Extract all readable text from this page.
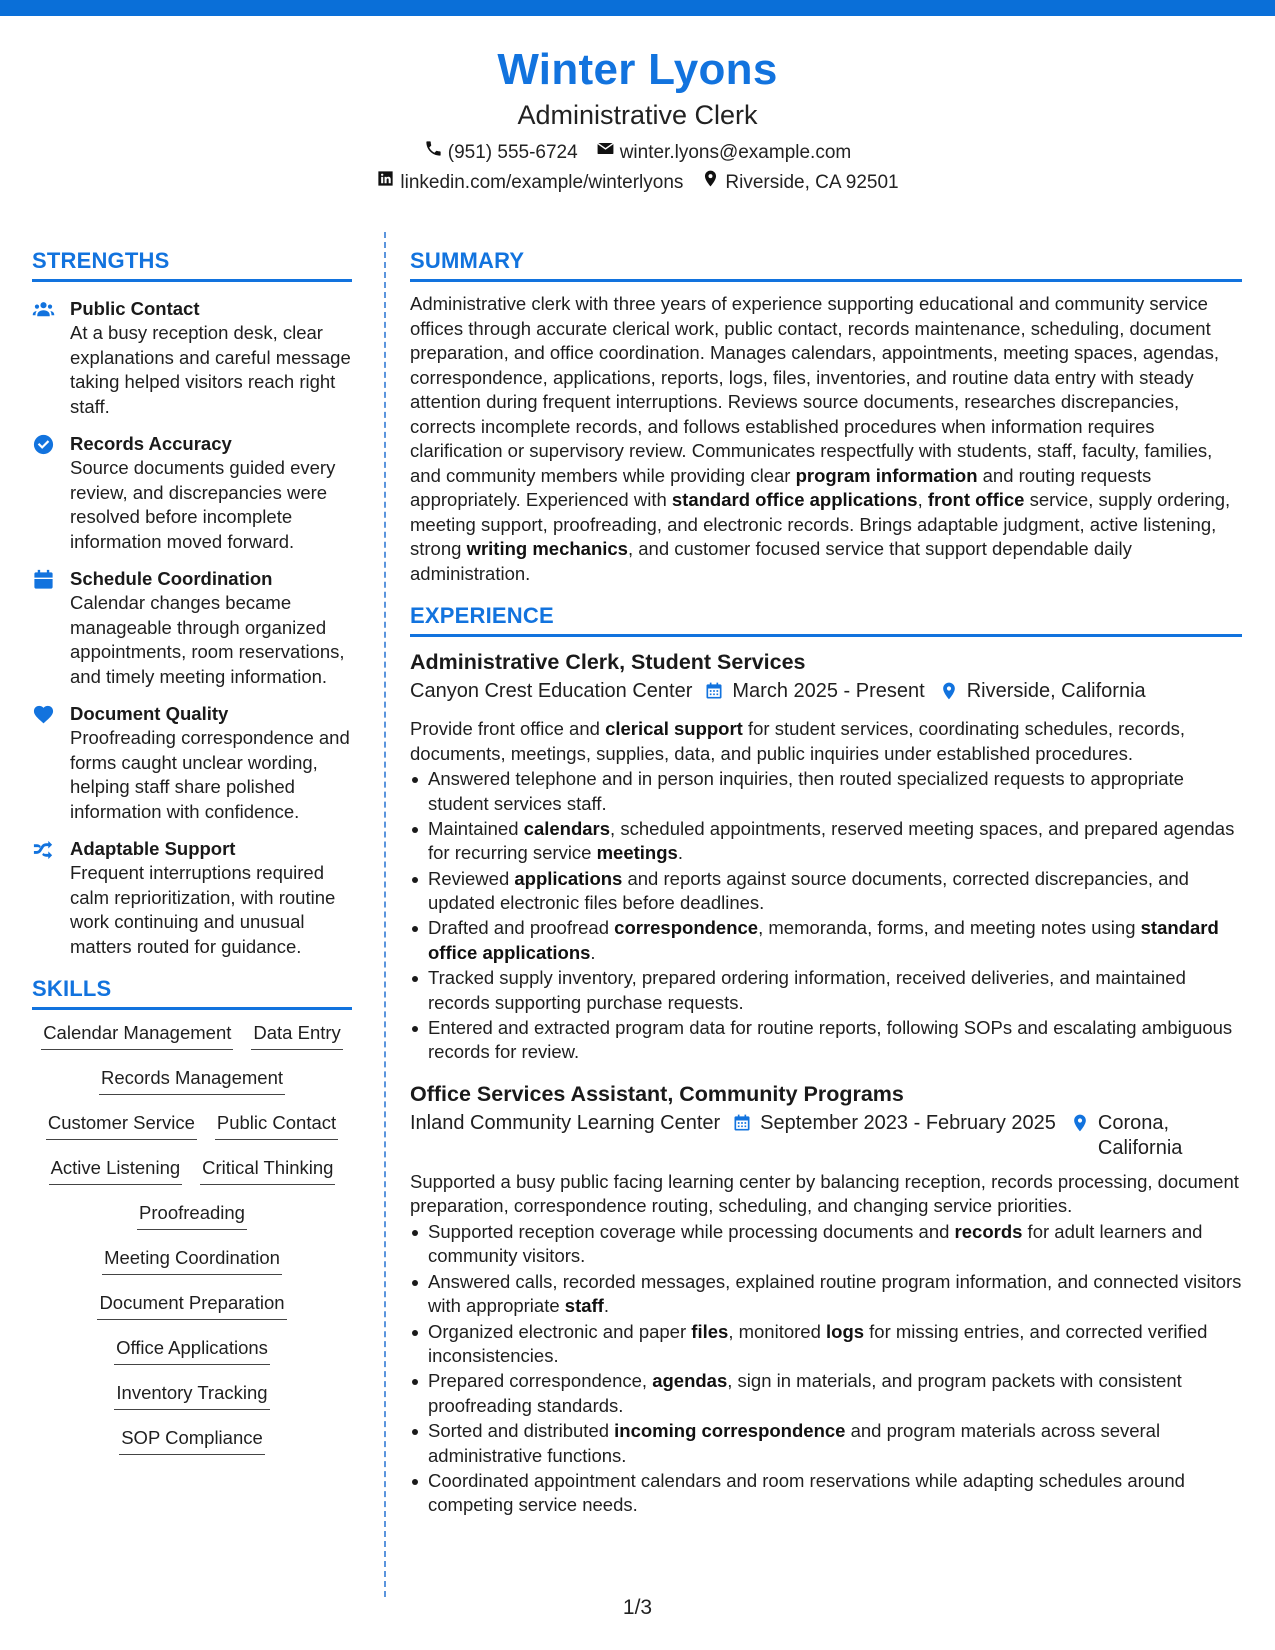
Winter Lyons
Administrative Clerk
(951) 555-6724 winter.lyons@example.com
linkedin.com/example/winterlyons Riverside, CA 92501
STRENGTHS
Public Contact
At a busy reception desk, clear explanations and careful message taking helped visitors reach right staff.
Records Accuracy
Source documents guided every review, and discrepancies were resolved before incomplete information moved forward.
Schedule Coordination
Calendar changes became manageable through organized appointments, room reservations, and timely meeting information.
Document Quality
Proofreading correspondence and forms caught unclear wording, helping staff share polished information with confidence.
Adaptable Support
Frequent interruptions required calm reprioritization, with routine work continuing and unusual matters routed for guidance.
SKILLS
Calendar Management Data Entry
Records Management
Customer Service Public Contact
Active Listening Critical Thinking
Proofreading
Meeting Coordination
Document Preparation
Office Applications
Inventory Tracking
SOP Compliance
SUMMARY
Administrative clerk with three years of experience supporting educational and community service offices through accurate clerical work, public contact, records maintenance, scheduling, document preparation, and office coordination. Manages calendars, appointments, meeting spaces, agendas, correspondence, applications, reports, logs, files, inventories, and routine data entry with steady attention during frequent interruptions. Reviews source documents, researches discrepancies, corrects incomplete records, and follows established procedures when information requires clarification or supervisory review. Communicates respectfully with students, staff, faculty, families, and community members while providing clear program information and routing requests appropriately. Experienced with standard office applications, front office service, supply ordering, meeting support, proofreading, and electronic records. Brings adaptable judgment, active listening, strong writing mechanics, and customer focused service that support dependable daily administration.
EXPERIENCE
Administrative Clerk, Student Services
Canyon Crest Education Center March 2025 - Present Riverside, California
Provide front office and clerical support for student services, coordinating schedules, records, documents, meetings, supplies, data, and public inquiries under established procedures.
Answered telephone and in person inquiries, then routed specialized requests to appropriate student services staff.
Maintained calendars, scheduled appointments, reserved meeting spaces, and prepared agendas for recurring service meetings.
Reviewed applications and reports against source documents, corrected discrepancies, and updated electronic files before deadlines.
Drafted and proofread correspondence, memoranda, forms, and meeting notes using standard office applications.
Tracked supply inventory, prepared ordering information, received deliveries, and maintained records supporting purchase requests.
Entered and extracted program data for routine reports, following SOPs and escalating ambiguous records for review.
Office Services Assistant, Community Programs
Inland Community Learning Center September 2023 - February 2025 Corona, California
Supported a busy public facing learning center by balancing reception, records processing, document preparation, correspondence routing, scheduling, and changing service priorities.
Supported reception coverage while processing documents and records for adult learners and community visitors.
Answered calls, recorded messages, explained routine program information, and connected visitors with appropriate staff.
Organized electronic and paper files, monitored logs for missing entries, and corrected verified inconsistencies.
Prepared correspondence, agendas, sign in materials, and program packets with consistent proofreading standards.
Sorted and distributed incoming correspondence and program materials across several administrative functions.
Coordinated appointment calendars and room reservations while adapting schedules around competing service needs.
1/3
